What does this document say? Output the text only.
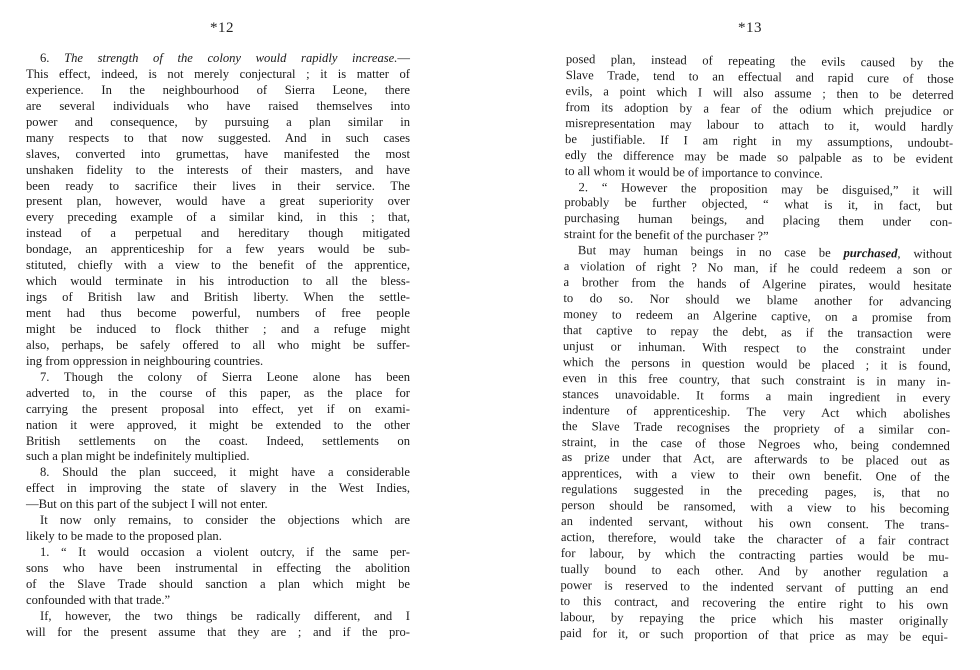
*12
6. The strength of the colony would rapidly increase.—
This effect, indeed, is not merely conjectural ; it is matter of
experience. In the neighbourhood of Sierra Leone, there
are several individuals who have raised themselves into
power and consequence, by pursuing a plan similar in
many respects to that now suggested. And in such cases
slaves, converted into grumettas, have manifested the most
unshaken fidelity to the interests of their masters, and have
been ready to sacrifice their lives in their service. The
present plan, however, would have a great superiority over
every preceding example of a similar kind, in this ; that,
instead of a perpetual and hereditary though mitigated
bondage, an apprenticeship for a few years would be sub-
stituted, chiefly with a view to the benefit of the apprentice,
which would terminate in his introduction to all the bless-
ings of British law and British liberty. When the settle-
ment had thus become powerful, numbers of free people
might be induced to flock thither ; and a refuge might
also, perhaps, be safely offered to all who might be suffer-
ing from oppression in neighbouring countries.
7. Though the colony of Sierra Leone alone has been
adverted to, in the course of this paper, as the place for
carrying the present proposal into effect, yet if on exami-
nation it were approved, it might be extended to the other
British settlements on the coast. Indeed, settlements on
such a plan might be indefinitely multiplied.
8. Should the plan succeed, it might have a considerable
effect in improving the state of slavery in the West Indies,
—But on this part of the subject I will not enter.
It now only remains, to consider the objections which are
likely to be made to the proposed plan.
1. “ It would occasion a violent outcry, if the same per-
sons who have been instrumental in effecting the abolition
of the Slave Trade should sanction a plan which might be
confounded with that trade.”
If, however, the two things be radically different, and I
will for the present assume that they are ; and if the pro-
*13
posed plan, instead of repeating the evils caused by the
Slave Trade, tend to an effectual and rapid cure of those
evils, a point which I will also assume ; then to be deterred
from its adoption by a fear of the odium which prejudice or
misrepresentation may labour to attach to it, would hardly
be justifiable. If I am right in my assumptions, undoubt-
edly the difference may be made so palpable as to be evident
to all whom it would be of importance to convince.
2. “ However the proposition may be disguised,” it will
probably be further objected, “ what is it, in fact, but
purchasing human beings, and placing them under con-
straint for the benefit of the purchaser ?”
But may human beings in no case be purchased, without
a violation of right ? No man, if he could redeem a son or
a brother from the hands of Algerine pirates, would hesitate
to do so. Nor should we blame another for advancing
money to redeem an Algerine captive, on a promise from
that captive to repay the debt, as if the transaction were
unjust or inhuman. With respect to the constraint under
which the persons in question would be placed ; it is found,
even in this free country, that such constraint is in many in-
stances unavoidable. It forms a main ingredient in every
indenture of apprenticeship. The very Act which abolishes
the Slave Trade recognises the propriety of a similar con-
straint, in the case of those Negroes who, being condemned
as prize under that Act, are afterwards to be placed out as
apprentices, with a view to their own benefit. One of the
regulations suggested in the preceding pages, is, that no
person should be ransomed, with a view to his becoming
an indented servant, without his own consent. The trans-
action, therefore, would take the character of a fair contract
for labour, by which the contracting parties would be mu-
tually bound to each other. And by another regulation a
power is reserved to the indented servant of putting an end
to this contract, and recovering the entire right to his own
labour, by repaying the price which his master originally
paid for it, or such proportion of that price as may be equi-
